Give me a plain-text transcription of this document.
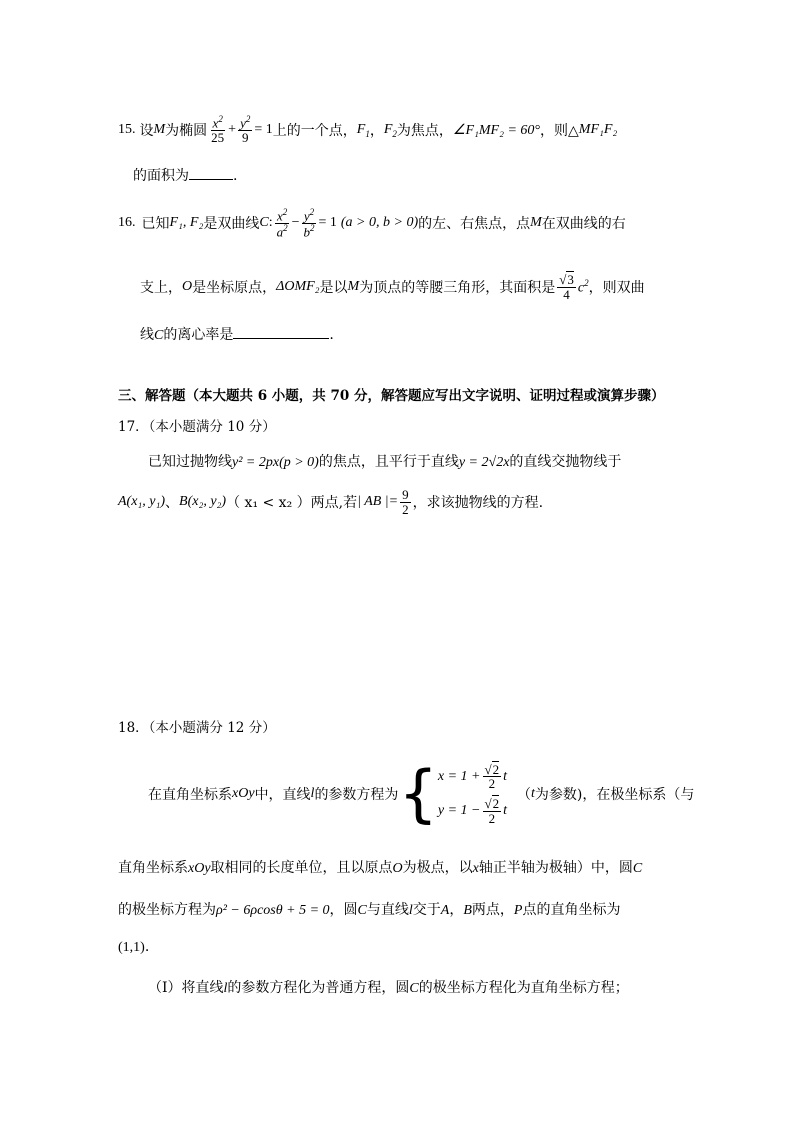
15. 设 M 为椭圆 $\frac{x^2}{25} + \frac{y^2}{9} = 1$ 上的一个点， $F_1$ ， $F_2$ 为焦点， ∠F₁MF₂ = 60° ，则△ MF₁F₂
的面积为	.
16. 已知 F₁, F₂ 是双曲线 C : $\frac{x^2}{a^2} - \frac{y^2}{b^2} = 1$ (a > 0, b > 0) 的左、右焦点，点 M 在双曲线的右
支上， O 是坐标原点， ΔOMF₂ 是以 M 为顶点的等腰三角形，其面积是 $\frac{√3}{4} c^2$ ，则双曲
线C的离心率是	.
三、解答题（本大题共 6 小题，共 70 分，解答题应写出文字说明、证明过程或演算步骤）
17．（本小题满分 10 分）
已知过抛物线y² = 2px(p > 0)的焦点，且平行于直线y = 2√2x的直线交抛物线于
A(x₁, y₁) 、 B(x₂, y₂) （ x₁ < x₂ ）两点,若 | AB |= $\frac{9}{2}$ ，求该抛物线的方程.
18．（本小题满分 12 分）
在直角坐标系 xOy 中，直线 l 的参数方程为 { $x = 1 + \frac{√2}{2}$ t
$y = 1 - \frac{√2}{2}$ t
（ t 为参数)，在极坐标系（与
直角坐标系xOy取相同的长度单位，且以原点O为极点，以x轴正半轴为极轴）中，圆C
的极坐标方程为ρ² − 6ρcosθ + 5 = 0，圆C与直线l交于A，B两点，P点的直角坐标为
(1,1).
（Ⅰ）将直线l的参数方程化为普通方程，圆C的极坐标方程化为直角坐标方程；
